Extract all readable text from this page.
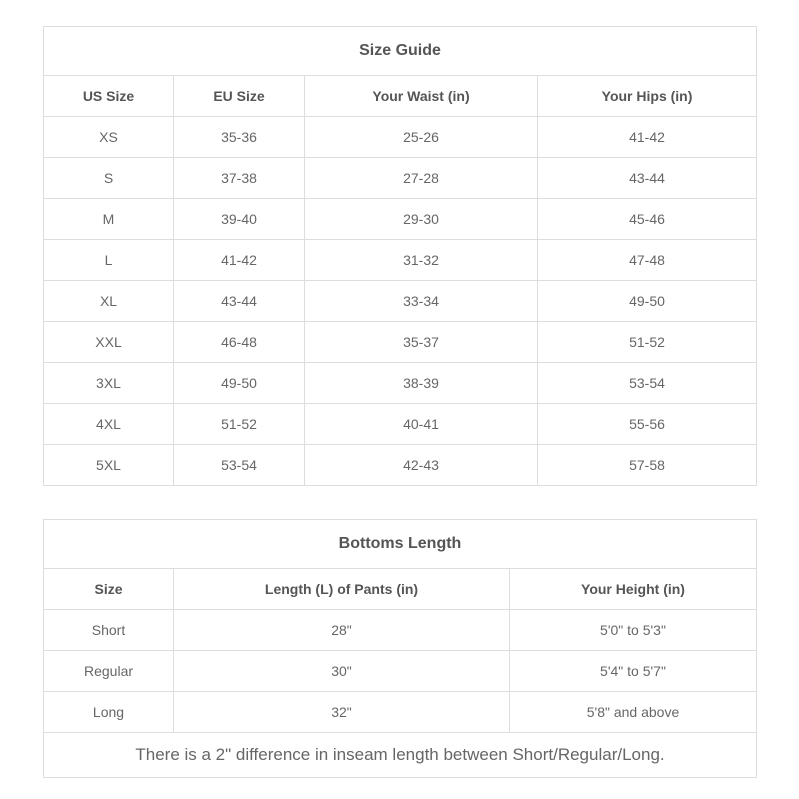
Size Guide			
US Size	EU Size	Your Waist (in)	Your Hips (in)
XS	35-36	25-26	41-42
S	37-38	27-28	43-44
M	39-40	29-30	45-46
L	41-42	31-32	47-48
XL	43-44	33-34	49-50
XXL	46-48	35-37	51-52
3XL	49-50	38-39	53-54
4XL	51-52	40-41	55-56
5XL	53-54	42-43	57-58
Bottoms Length		
Size	Length (L) of Pants (in)	Your Height (in)
Short	28"	5'0" to 5'3"
Regular	30"	5'4" to 5'7"
Long	32"	5'8" and above
There is a 2" difference in inseam length between Short/Regular/Long.		
